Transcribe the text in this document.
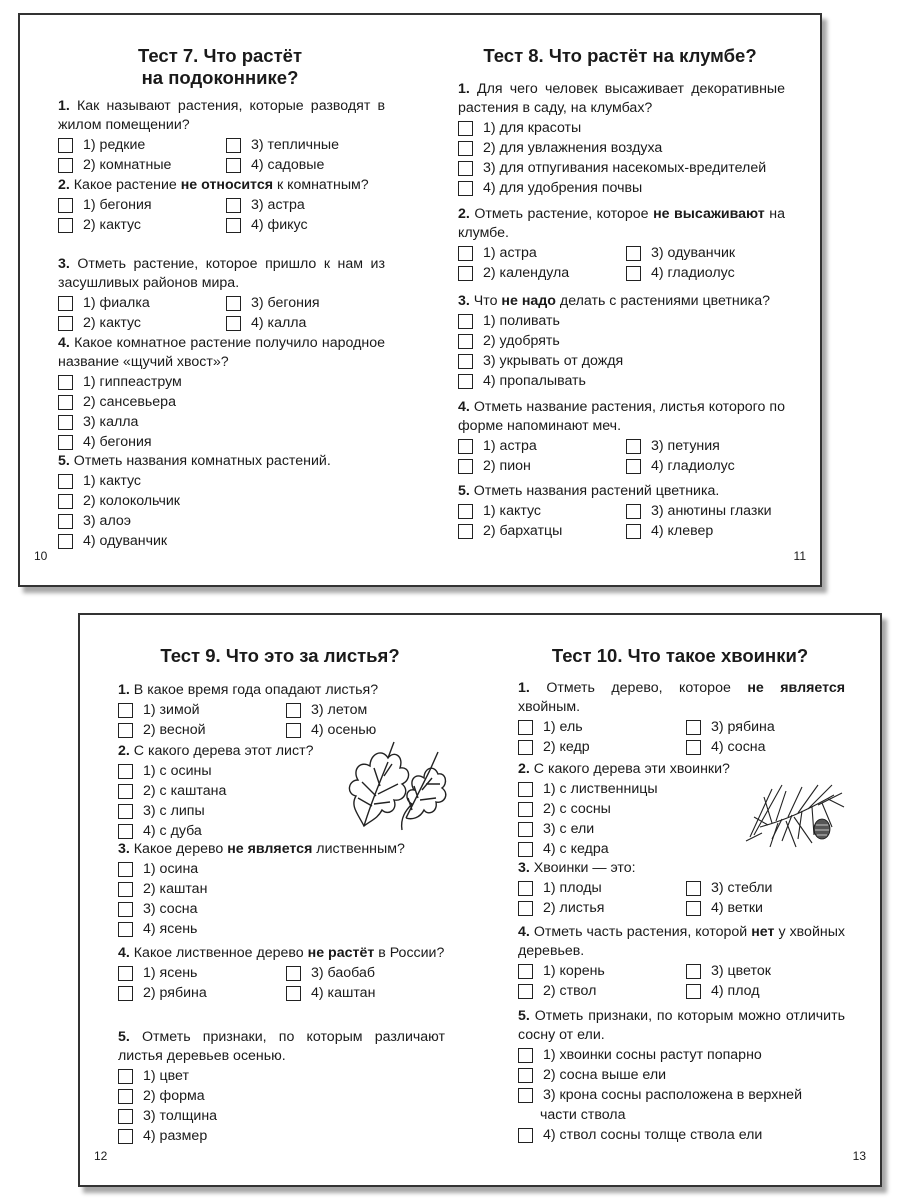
Тест 7. Что растёт
на подоконнике?
1. Как называют растения, которые разводят в жилом помещении?
1) редкие	3) тепличные
2) комнатные	4) садовые
2. Какое растение не относится к комнатным?
1) бегония	3) астра
2) кактус	4) фикус
3. Отметь растение, которое пришло к нам из засушливых районов мира.
1) фиалка	3) бегония
2) кактус	4) калла
4. Какое комнатное растение получило народное название «щучий хвост»?
1) гиппеаструм
2) сансевьера
3) калла
4) бегония
5. Отметь названия комнатных растений.
1) кактус
2) колокольчик
3) алоэ
4) одуванчик
10
Тест 8. Что растёт на клумбе?
1. Для чего человек высаживает декоративные растения в саду, на клумбах?
1) для красоты
2) для увлажнения воздуха
3) для отпугивания насекомых-вредителей
4) для удобрения почвы
2. Отметь растение, которое не высаживают на клумбе.
1) астра	3) одуванчик
2) календула	4) гладиолус
3. Что не надо делать с растениями цветника?
1) поливать
2) удобрять
3) укрывать от дождя
4) пропалывать
4. Отметь название растения, листья которого по форме напоминают меч.
1) астра	3) петуния
2) пион	4) гладиолус
5. Отметь названия растений цветника.
1) кактус	3) анютины глазки
2) бархатцы	4) клевер
11
Тест 9. Что это за листья?
1. В какое время года опадают листья?
1) зимой	3) летом
2) весной	4) осенью
2. С какого дерева этот лист?
1) с осины
2) с каштана
3) с липы
4) с дуба
3. Какое дерево не является лиственным?
1) осина
2) каштан
3) сосна
4) ясень
4. Какое лиственное дерево не растёт в России?
1) ясень	3) баобаб
2) рябина	4) каштан
5. Отметь признаки, по которым различают листья деревьев осенью.
1) цвет
2) форма
3) толщина
4) размер
12
Тест 10. Что такое хвоинки?
1. Отметь дерево, которое не является хвойным.
1) ель	3) рябина
2) кедр	4) сосна
2. С какого дерева эти хвоинки?
1) с лиственницы
2) с сосны
3) с ели
4) с кедра
3. Хвоинки — это:
1) плоды	3) стебли
2) листья	4) ветки
4. Отметь часть растения, которой нет у хвойных деревьев.
1) корень	3) цветок
2) ствол	4) плод
5. Отметь признаки, по которым можно отличить сосну от ели.
1) хвоинки сосны растут попарно
2) сосна выше ели
3) крона сосны расположена в верхней
части ствола
4) ствол сосны толще ствола ели
13
